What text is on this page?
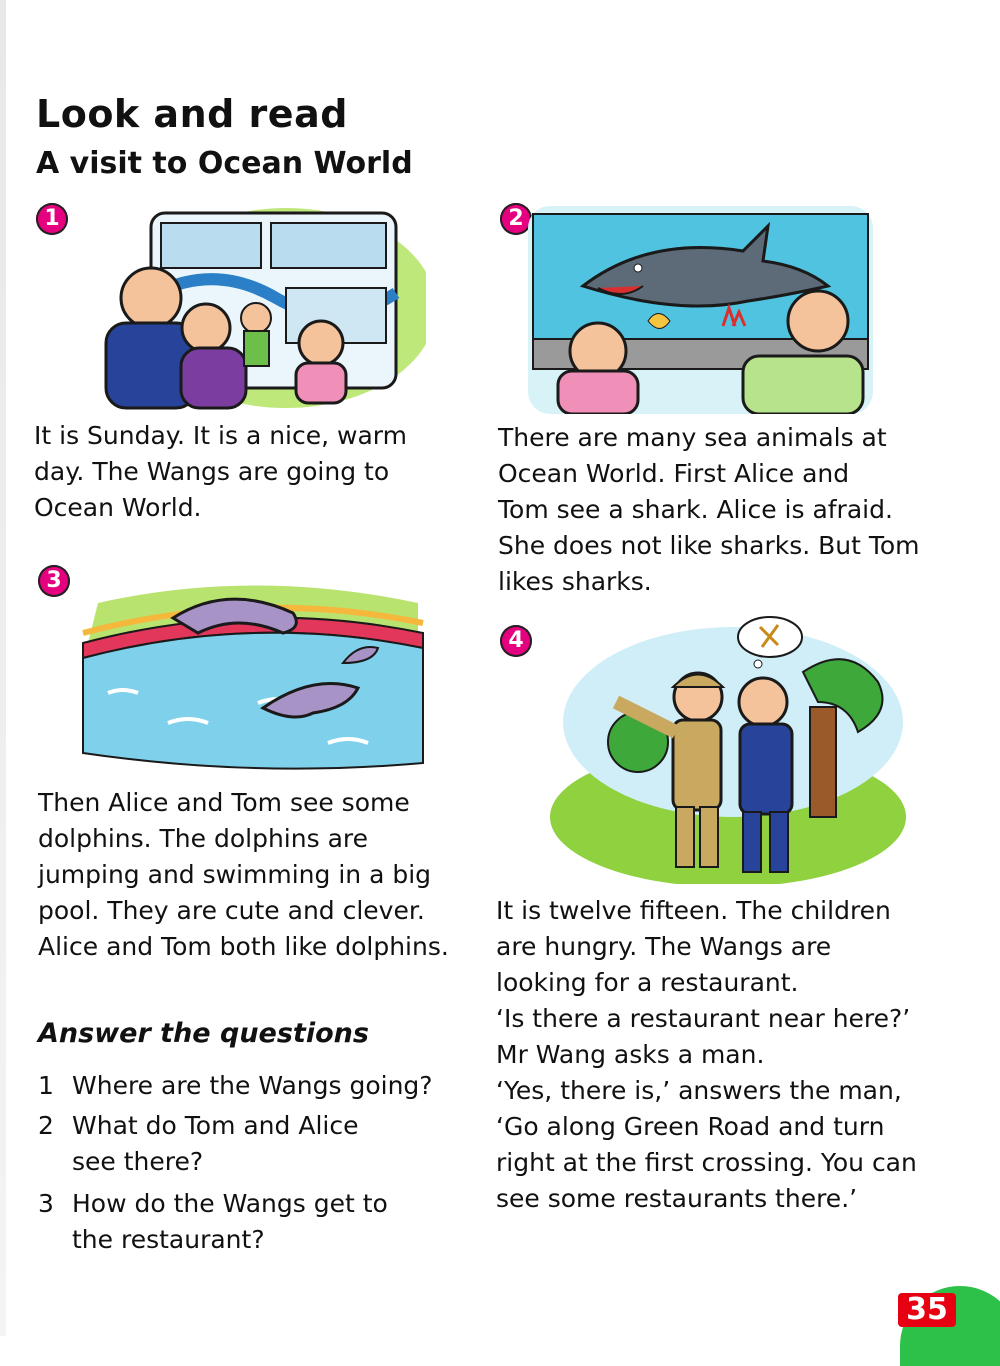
Look and read
A visit to Ocean World
1
It is Sunday. It is a nice, warm
day. The Wangs are going to
Ocean World.
2
There are many sea animals at
Ocean World. First Alice and
Tom see a shark. Alice is afraid.
She does not like sharks. But Tom
likes sharks.
3
Then Alice and Tom see some
dolphins. The dolphins are
jumping and swimming in a big
pool. They are cute and clever.
Alice and Tom both like dolphins.
4
It is twelve fifteen. The children
are hungry. The Wangs are
looking for a restaurant.
‘Is there a restaurant near here?’
Mr Wang asks a man.
‘Yes, there is,’ answers the man,
‘Go along Green Road and turn
right at the first crossing. You can
see some restaurants there.’
Answer the questions
1 Where are the Wangs going?
2 What do Tom and Alice
see there?
3 How do the Wangs get to
the restaurant?
35
